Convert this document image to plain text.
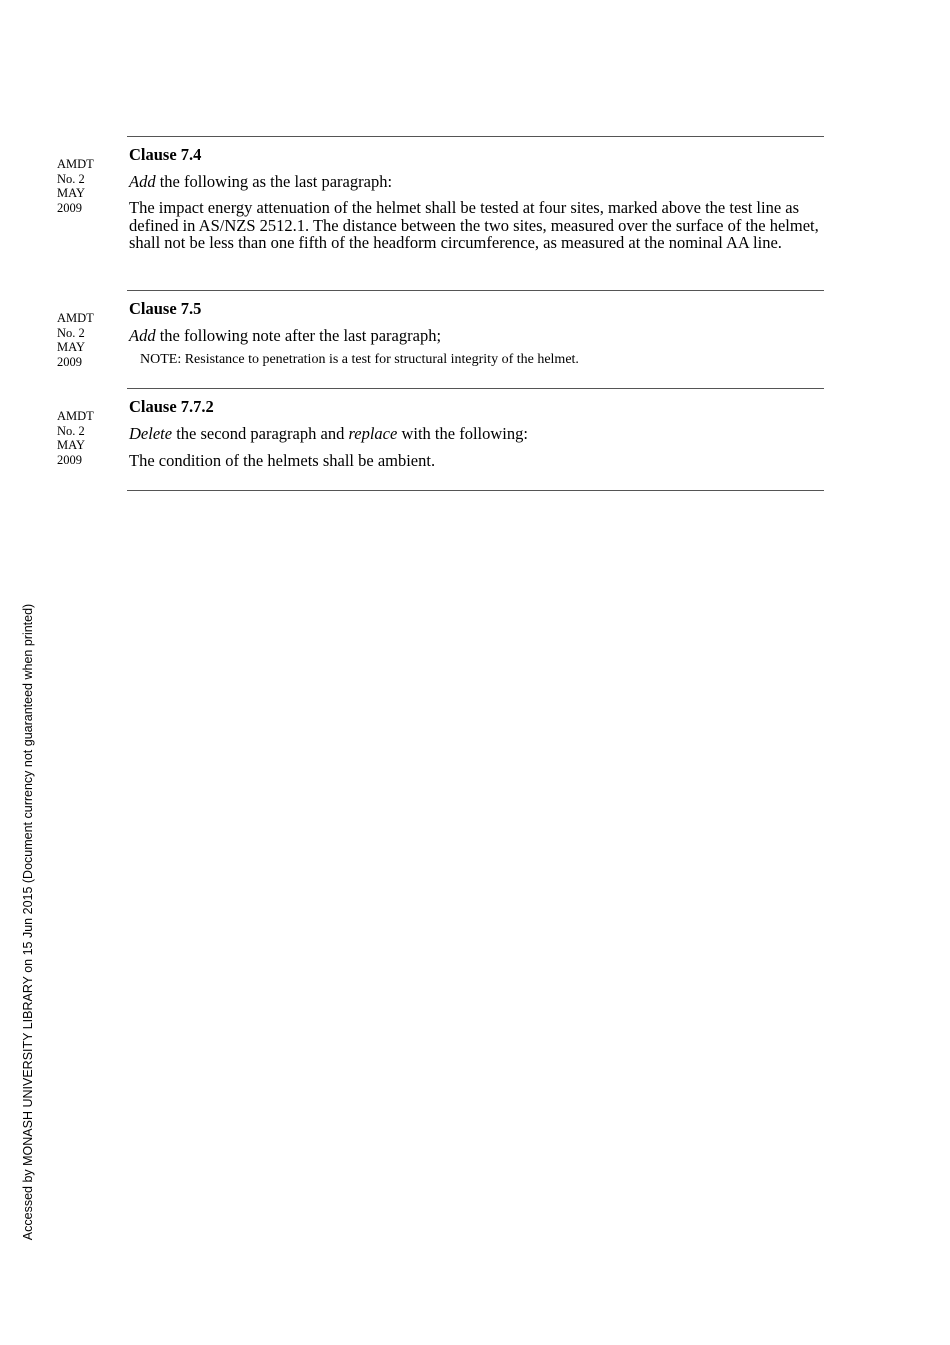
AMDT
No. 2
MAY
2009

Clause 7.4

Add the following as the last paragraph:

The impact energy attenuation of the helmet shall be tested at four sites, marked above the test line as defined in AS/NZS 2512.1. The distance between the two sites, measured over the surface of the helmet, shall not be less than one fifth of the headform circumference, as measured at the nominal AA line.

AMDT
No. 2
MAY
2009

Clause 7.5

Add the following note after the last paragraph;

NOTE: Resistance to penetration is a test for structural integrity of the helmet.

AMDT
No. 2
MAY
2009

Clause 7.7.2

Delete the second paragraph and replace with the following:

The condition of the helmets shall be ambient.

Accessed by MONASH UNIVERSITY LIBRARY on 15 Jun 2015 (Document currency not guaranteed when printed)
